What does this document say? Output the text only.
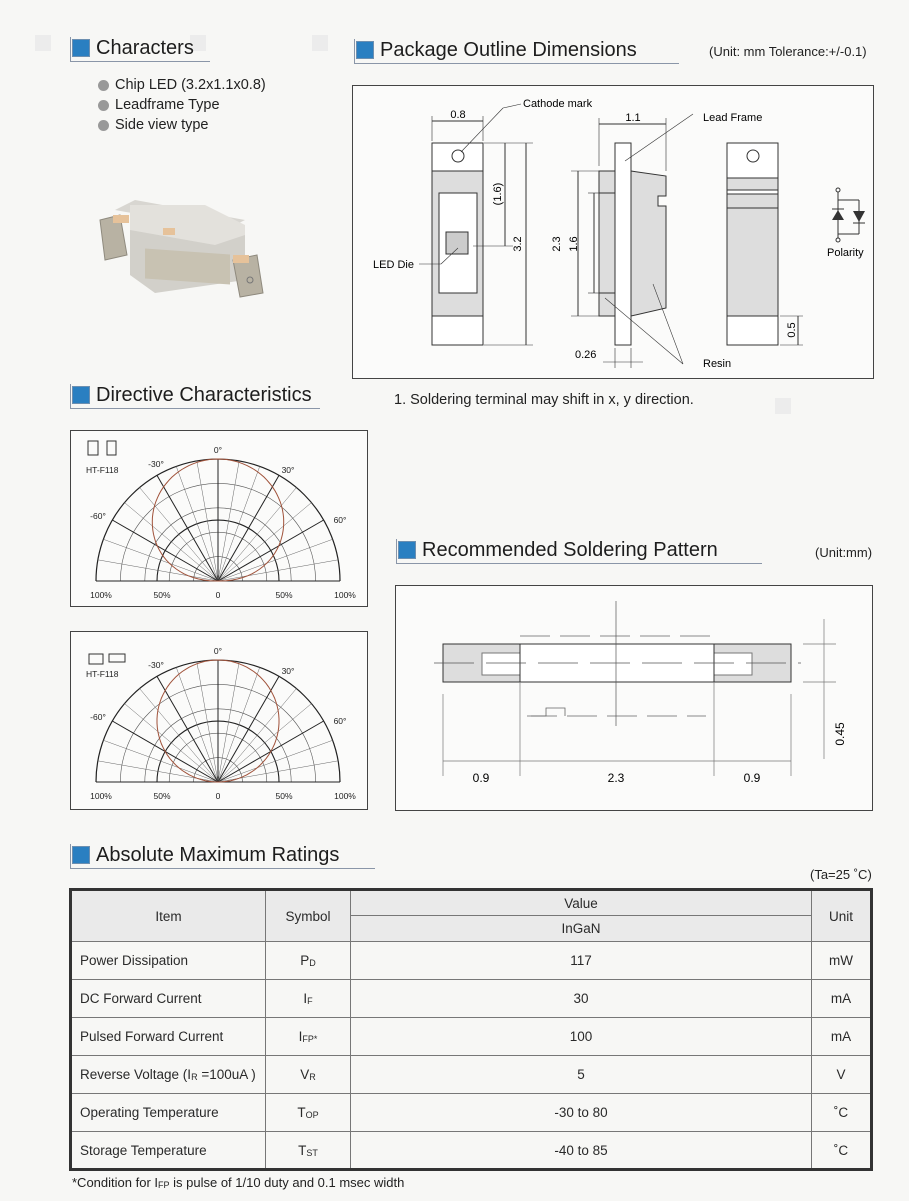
Characters
Chip LED (3.2x1.1x0.8)
Leadframe Type
Side view type
Package Outline Dimensions	(Unit: mm Tolerance:+/-0.1)
0.8
(1.6)
3.2
Cathode mark
LED Die
1.1
2.3 1.6
0.26
Lead Frame
Resin
0.5
Polarity
1. Soldering terminal may shift in x, y direction.
Directive Characteristics
0°
-30°
30°
-60°	60°
100%	50%	0	50%	100%
HT-F118
0°
-30°
30°
-60°	60°
100%	50%	0	50%	100%
HT-F118
Recommended Soldering Pattern	(Unit:mm)
0.9	2.3	0.9
0.45
Absolute Maximum Ratings
(Ta=25 ˚C)
Item	Symbol	Value	Unit
		InGaN	
Power Dissipation	PD	117	mW
DC Forward Current	IF	30	mA
Pulsed Forward Current	IFP*	100	mA
Reverse Voltage (IR =100uA )	VR	5	V
Operating Temperature	TOP	-30 to 80	˚C
Storage Temperature	TST	-40 to 85	˚C
*Condition for IFP is pulse of 1/10 duty and 0.1 msec width
